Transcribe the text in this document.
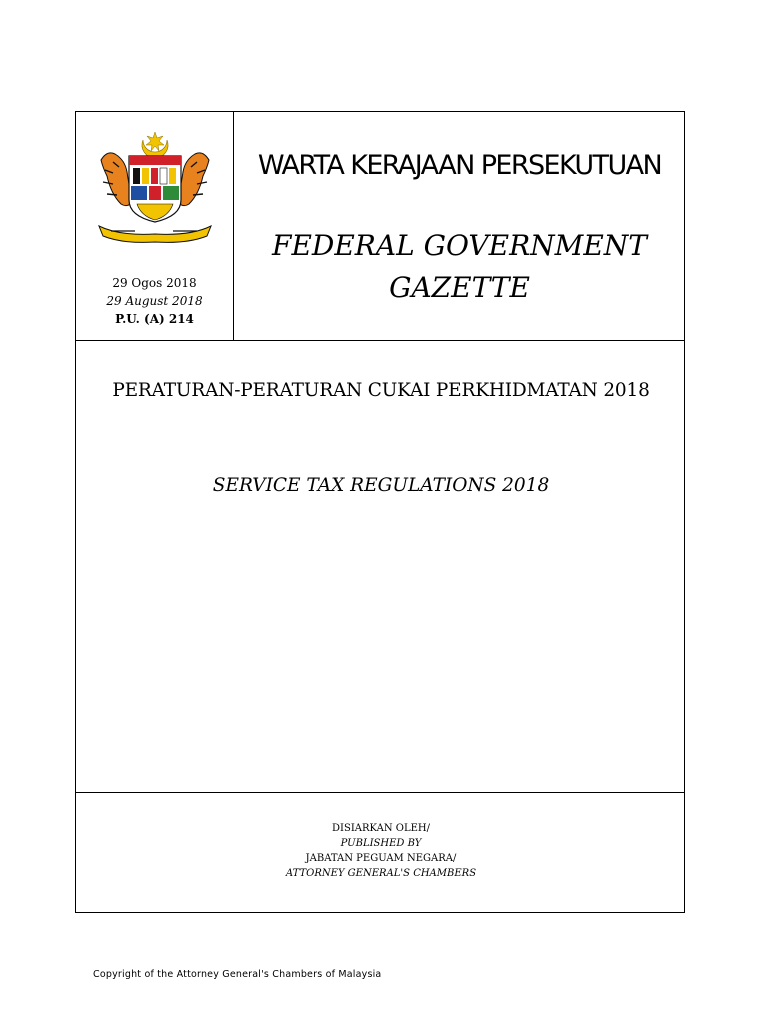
29 Ogos 2018
29 August 2018
P.U. (A) 214
WARTA KERAJAAN PERSEKUTUAN
FEDERAL GOVERNMENT
GAZETTE
PERATURAN-PERATURAN CUKAI PERKHIDMATAN 2018
SERVICE TAX REGULATIONS 2018
DISIARKAN OLEH/
PUBLISHED BY
JABATAN PEGUAM NEGARA/
ATTORNEY GENERAL'S CHAMBERS
Copyright of the Attorney General's Chambers of Malaysia
